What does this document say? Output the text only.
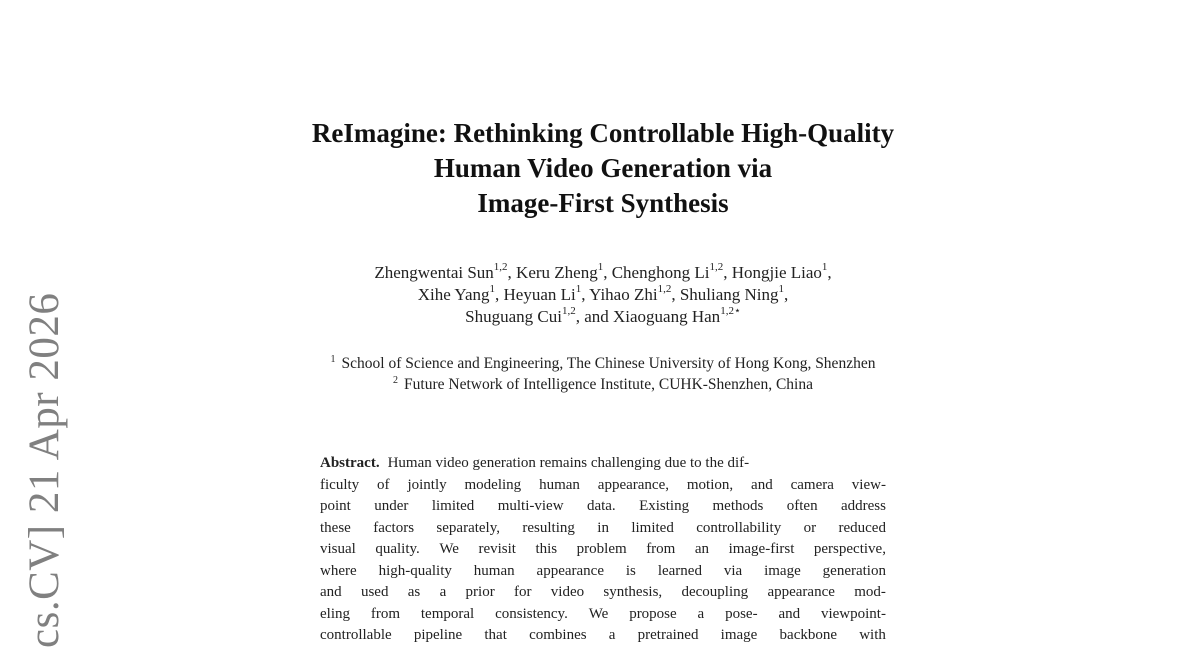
cs.CV] 21 Apr 2026
ReImagine: Rethinking Controllable High-Quality
Human Video Generation via
Image-First Synthesis
Zhengwentai Sun$^{1,2}$, Keru Zheng$^1$, Chenghong Li$^{1,2}$, Hongjie Liao$^1$,
Xihe Yang$^1$, Heyuan Li$^1$, Yihao Zhi$^{1,2}$, Shuliang Ning$^1$,
Shuguang Cui$^{1,2}$, and Xiaoguang Han$^{1,2⋆}$
$^1$ School of Science and Engineering, The Chinese University of Hong Kong, Shenzhen
$^2$ Future Network of Intelligence Institute, CUHK-Shenzhen, China
Abstract. Human video generation remains challenging due to the dif-
ficulty of jointly modeling human appearance, motion, and camera view-
point under limited multi-view data. Existing methods often address
these factors separately, resulting in limited controllability or reduced
visual quality. We revisit this problem from an image-first perspective,
where high-quality human appearance is learned via image generation
and used as a prior for video synthesis, decoupling appearance mod-
eling from temporal consistency. We propose a pose- and viewpoint-
controllable pipeline that combines a pretrained image backbone with
